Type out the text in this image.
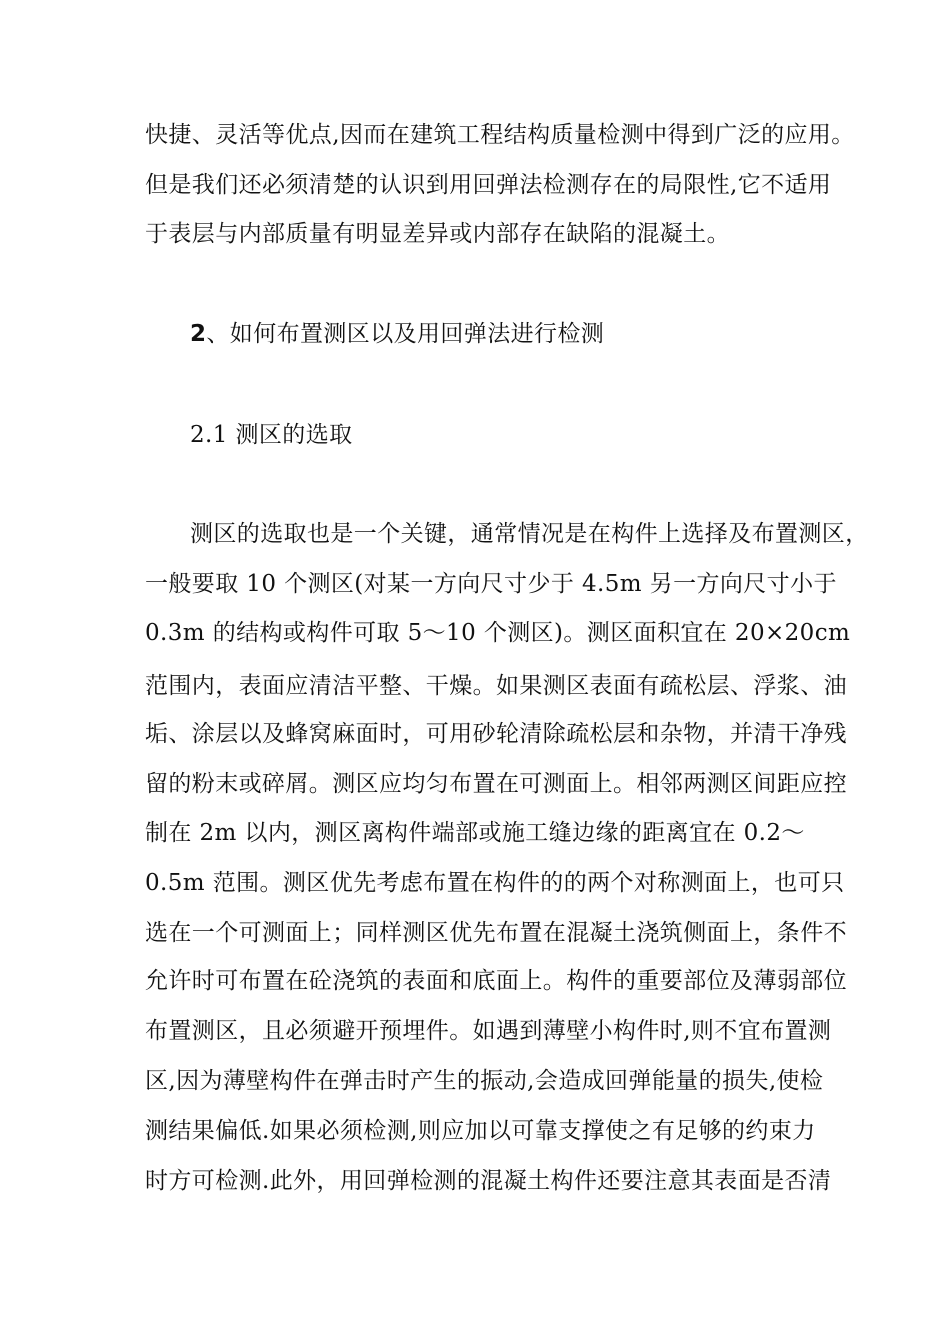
快捷、灵活等优点,因而在建筑工程结构质量检测中得到广泛的应用。
但是我们还必须清楚的认识到用回弹法检测存在的局限性,它不适用
于表层与内部质量有明显差异或内部存在缺陷的混凝土。
2、如何布置测区以及用回弹法进行检测
2.1 测区的选取
测区的选取也是一个关键，通常情况是在构件上选择及布置测区，
一般要取 10 个测区(对某一方向尺寸少于 4.5m 另一方向尺寸小于
0.3m 的结构或构件可取 5～10 个测区)。测区面积宜在 20×20cm
范围内，表面应清洁平整、干燥。如果测区表面有疏松层、浮浆、油
垢、涂层以及蜂窝麻面时，可用砂轮清除疏松层和杂物，并清干净残
留的粉末或碎屑。测区应均匀布置在可测面上。相邻两测区间距应控
制在 2m 以内，测区离构件端部或施工缝边缘的距离宜在 0.2～
0.5m 范围。测区优先考虑布置在构件的的两个对称测面上，也可只
选在一个可测面上；同样测区优先布置在混凝土浇筑侧面上，条件不
允许时可布置在砼浇筑的表面和底面上。构件的重要部位及薄弱部位
布置测区，且必须避开预埋件。如遇到薄壁小构件时,则不宜布置测
区,因为薄壁构件在弹击时产生的振动,会造成回弹能量的损失,使检
测结果偏低.如果必须检测,则应加以可靠支撑使之有足够的约束力
时方可检测.此外，用回弹检测的混凝土构件还要注意其表面是否清
